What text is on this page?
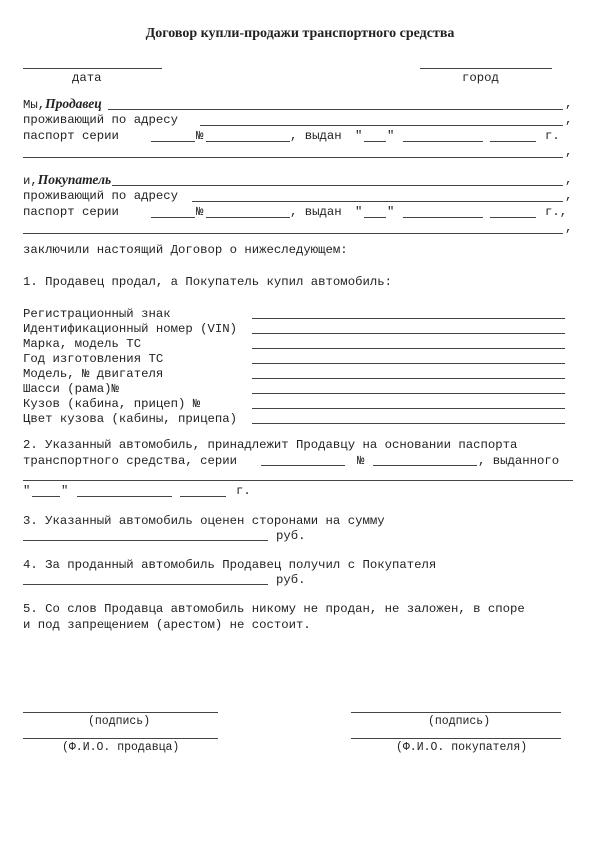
Договор купли-продажи транспортного средства
дата	город
Мы,Продавец	,
проживающий по адресу	,
паспорт серии	№	, выдан " "	г.
,
и,Покупатель	,
проживающий по адресу	,
паспорт серии	№	, выдан " "	г.,
,
заключили настоящий Договор о нижеследующем:
1. Продавец продал, а Покупатель купил автомобиль:
Регистрационный знак
Идентификационный номер (VIN)
Марка, модель ТС
Год изготовления ТС
Модель, № двигателя
Шасси (рама)№
Кузов (кабина, прицеп) №
Цвет кузова (кабины, прицепа)
2. Указанный автомобиль, принадлежит Продавцу на основании паспорта
транспортного средства, серии	№	, выданного
" "	г.
3. Указанный автомобиль оценен сторонами на сумму
руб.
4. За проданный автомобиль Продавец получил с Покупателя
руб.
5. Со слов Продавца автомобиль никому не продан, не заложен, в споре
и под запрещением (арестом) не состоит.
(подпись)	(подпись)
(Ф.И.О. продавца)	(Ф.И.О. покупателя)
